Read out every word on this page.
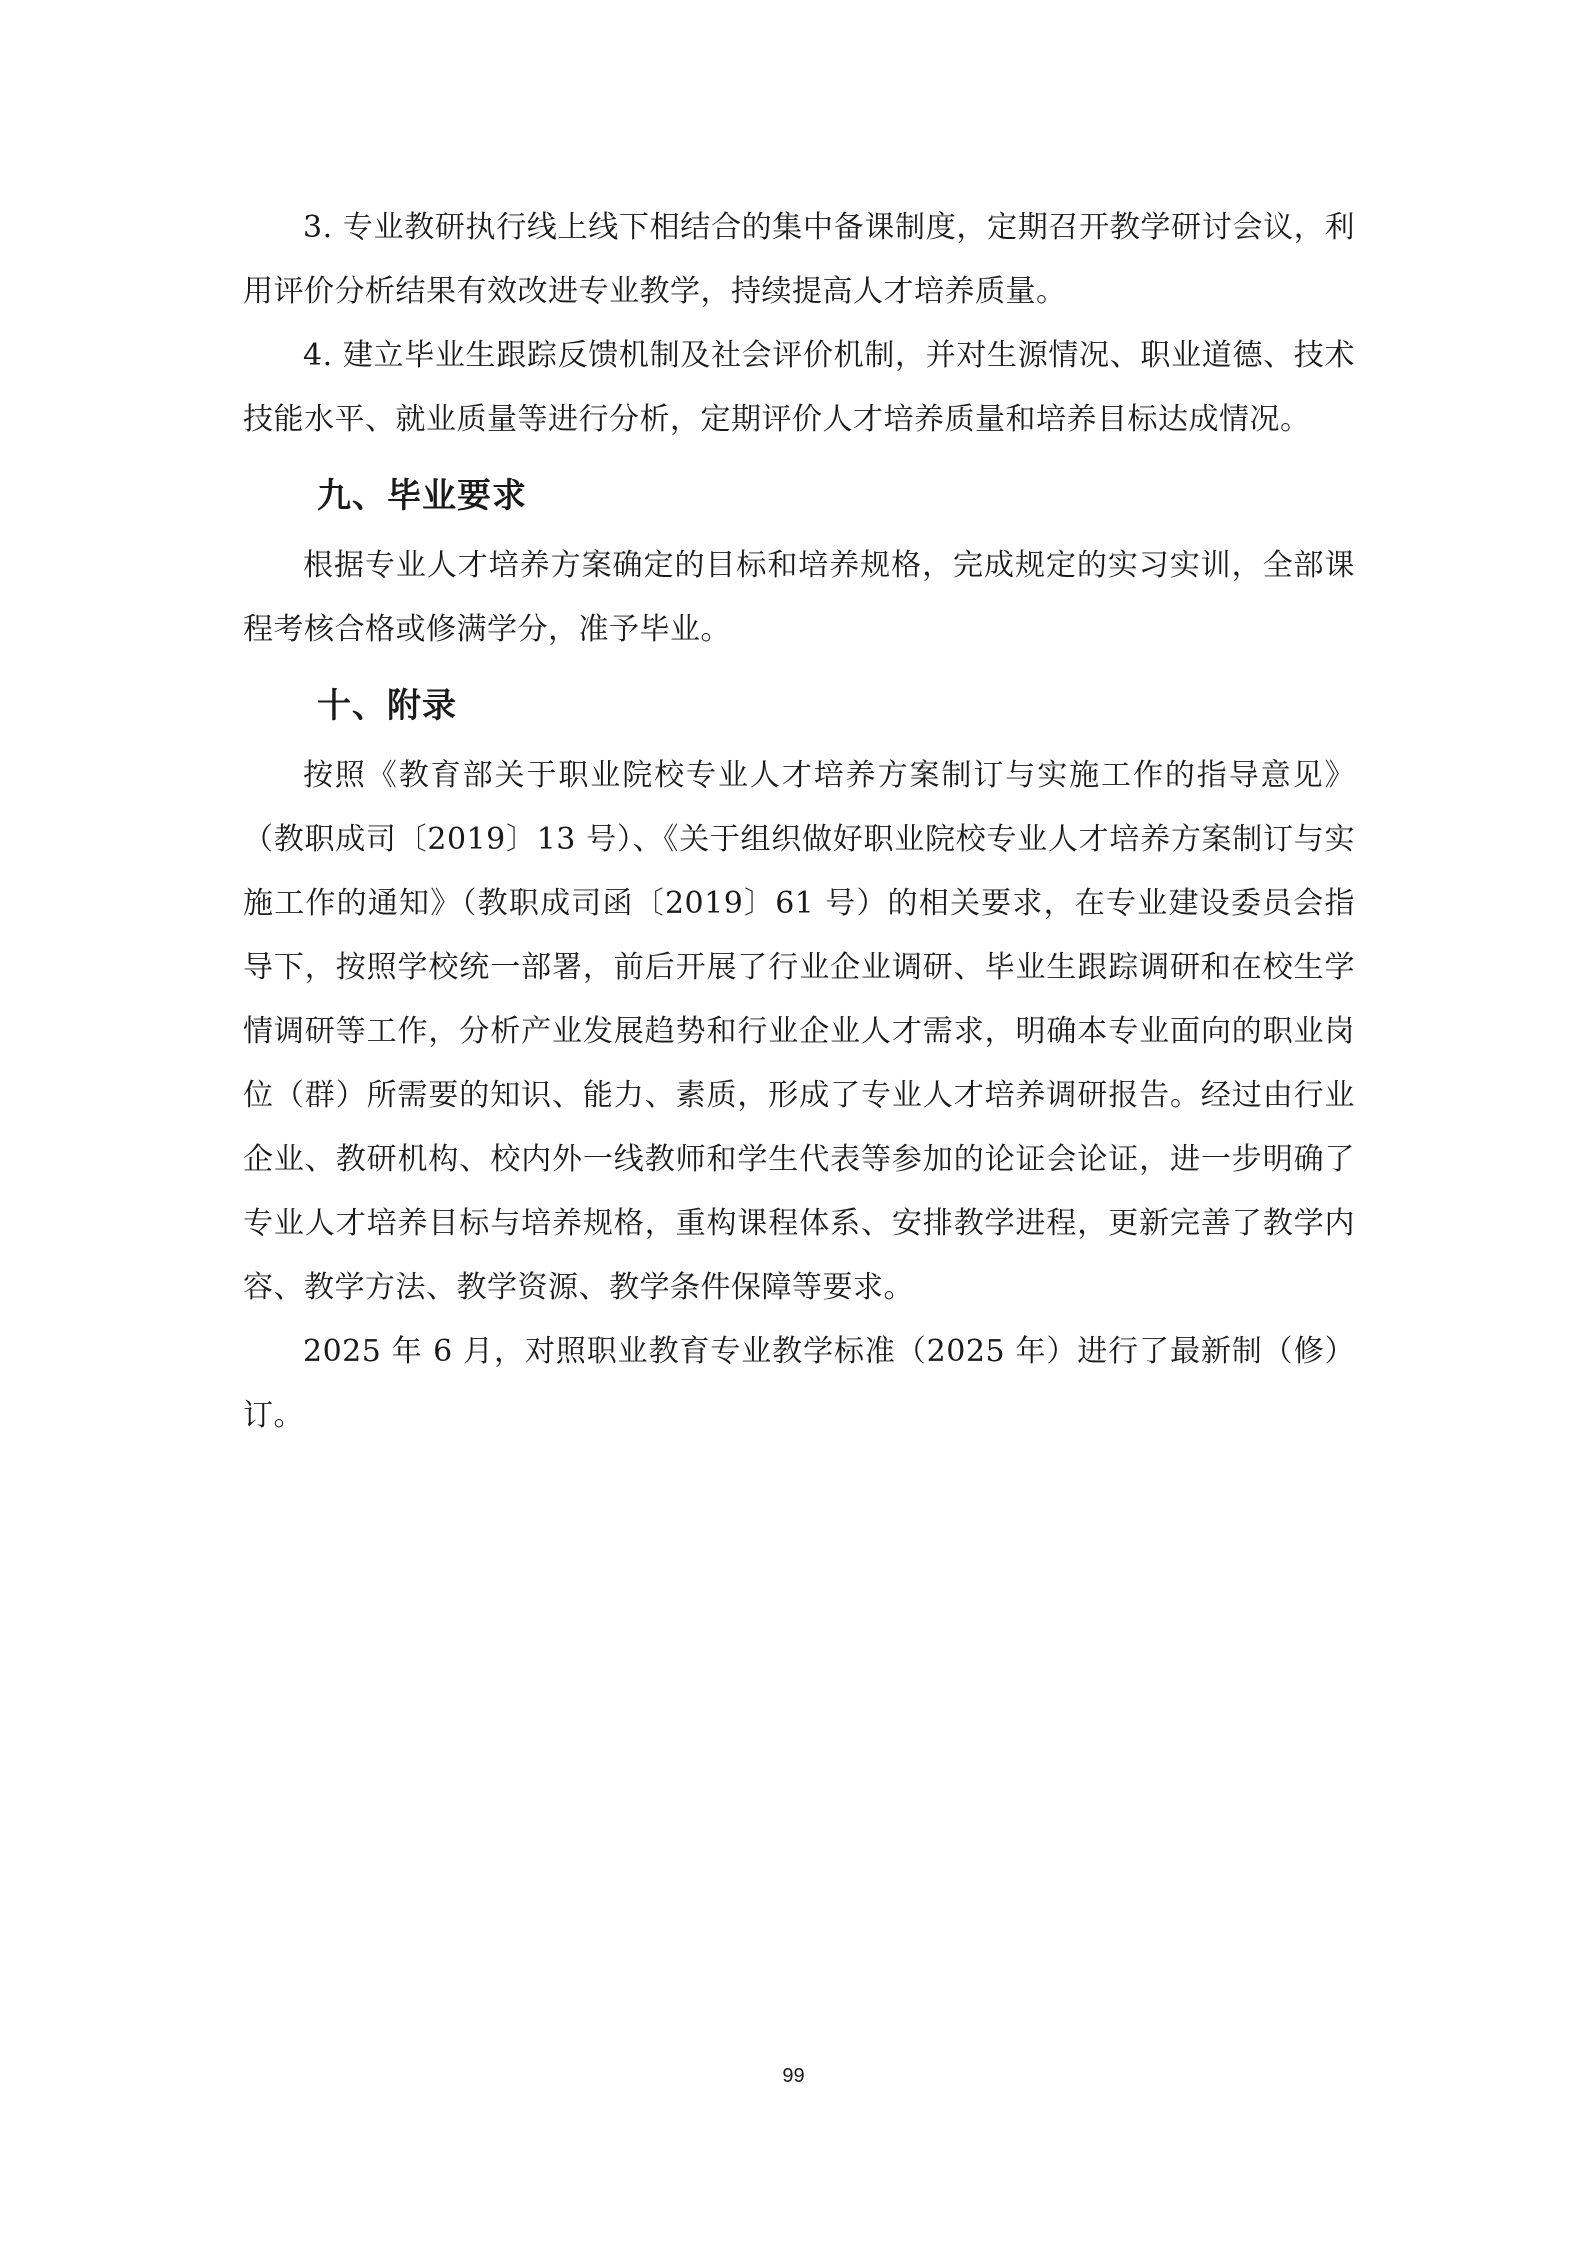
3. 专业教研执行线上线下相结合的集中备课制度，定期召开教学研讨会议，利用评价分析结果有效改进专业教学，持续提高人才培养质量。

4. 建立毕业生跟踪反馈机制及社会评价机制，并对生源情况、职业道德、技术技能水平、就业质量等进行分析，定期评价人才培养质量和培养目标达成情况。

九、毕业要求

根据专业人才培养方案确定的目标和培养规格，完成规定的实习实训，全部课程考核合格或修满学分，准予毕业。

十、附录

按照《教育部关于职业院校专业人才培养方案制订与实施工作的指导意见》（教职成司〔2019〕13 号）、《关于组织做好职业院校专业人才培养方案制订与实施工作的通知》（教职成司函〔2019〕61 号）的相关要求，在专业建设委员会指导下，按照学校统一部署，前后开展了行业企业调研、毕业生跟踪调研和在校生学情调研等工作，分析产业发展趋势和行业企业人才需求，明确本专业面向的职业岗位（群）所需要的知识、能力、素质，形成了专业人才培养调研报告。经过由行业企业、教研机构、校内外一线教师和学生代表等参加的论证会论证，进一步明确了专业人才培养目标与培养规格，重构课程体系、安排教学进程，更新完善了教学内容、教学方法、教学资源、教学条件保障等要求。

2025 年 6 月，对照职业教育专业教学标准（2025 年）进行了最新制（修）订。

99
